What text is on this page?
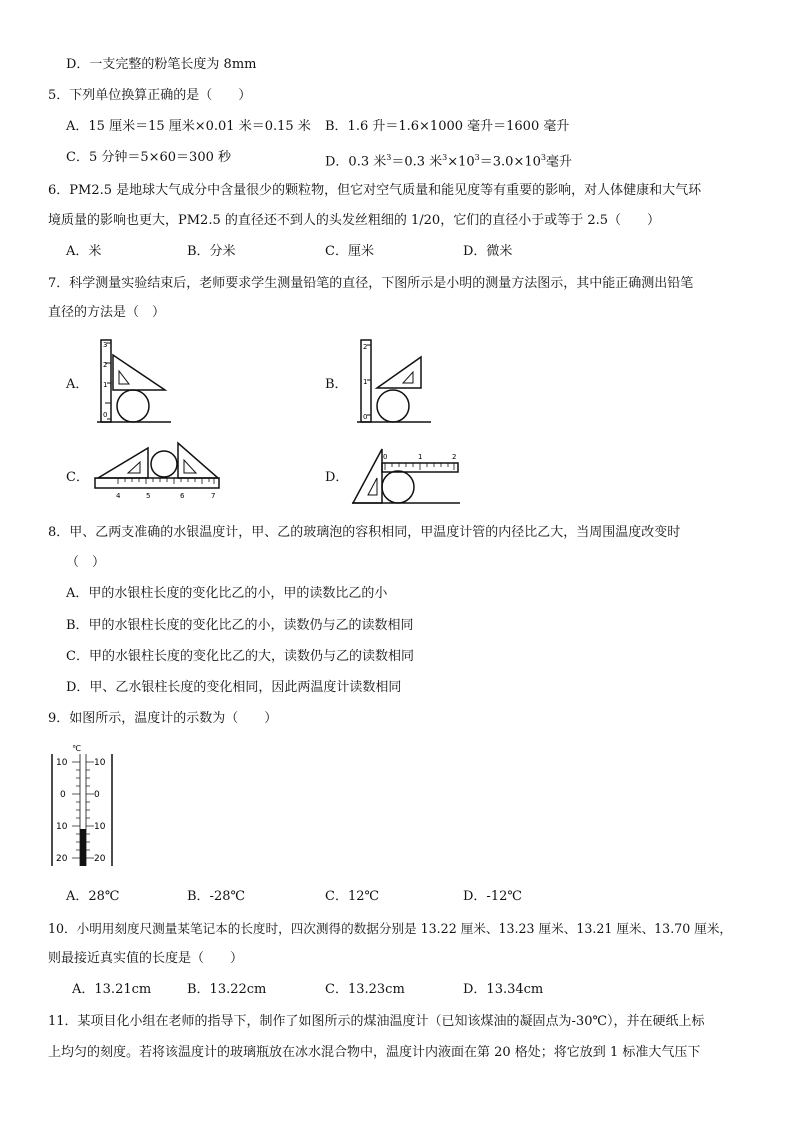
D．一支完整的粉笔长度为 8mm
5．下列单位换算正确的是（　　）
A．15 厘米＝15 厘米×0.01 米＝0.15 米 B．1.6 升＝1.6×1000 毫升＝1600 毫升
C．5 分钟＝5×60＝300 秒	D．0.3 米$^3$＝0.3 米$^3\times 10^3=3.0\times 10^3$毫升
6．PM2.5 是地球大气成分中含量很少的颗粒物，但它对空气质量和能见度等有重要的影响，对人体健康和大气环
境质量的影响也更大，PM2.5 的直径还不到人的头发丝粗细的 1/20，它们的直径小于或等于 2.5（　　）
A．米	B．分米	C．厘米	D．微米
7．科学测量实验结束后，老师要求学生测量铅笔的直径，下图所示是小明的测量方法图示，其中能正确测出铅笔
直径的方法是（　）
A．	B．
C．	D．
3
2
1
0
2
1
0
4	5	6	7
0	1	2
8．甲、乙两支准确的水银温度计，甲、乙的玻璃泡的容积相同，甲温度计管的内径比乙大，当周围温度改变时
（　）
A．甲的水银柱长度的变化比乙的小，甲的读数比乙的小
B．甲的水银柱长度的变化比乙的小，读数仍与乙的读数相同
C．甲的水银柱长度的变化比乙的大，读数仍与乙的读数相同
D．甲、乙水银柱长度的变化相同，因此两温度计读数相同
9．如图所示，温度计的示数为（　　）
℃
10
0
10
20
10
0
10
20
A．28℃	B．-28℃	C．12℃	D．-12℃
10．小明用刻度尺测量某笔记本的长度时，四次测得的数据分别是 13.22 厘米、13.23 厘米、13.21 厘米、13.70 厘米，
则最接近真实值的长度是（　　）
A．13.21cm	B．13.22cm	C．13.23cm	D．13.34cm
11．某项目化小组在老师的指导下，制作了如图所示的煤油温度计（已知该煤油的凝固点为-30℃），并在硬纸上标
上均匀的刻度。若将该温度计的玻璃瓶放在冰水混合物中，温度计内液面在第 20 格处；将它放到 1 标准大气压下
